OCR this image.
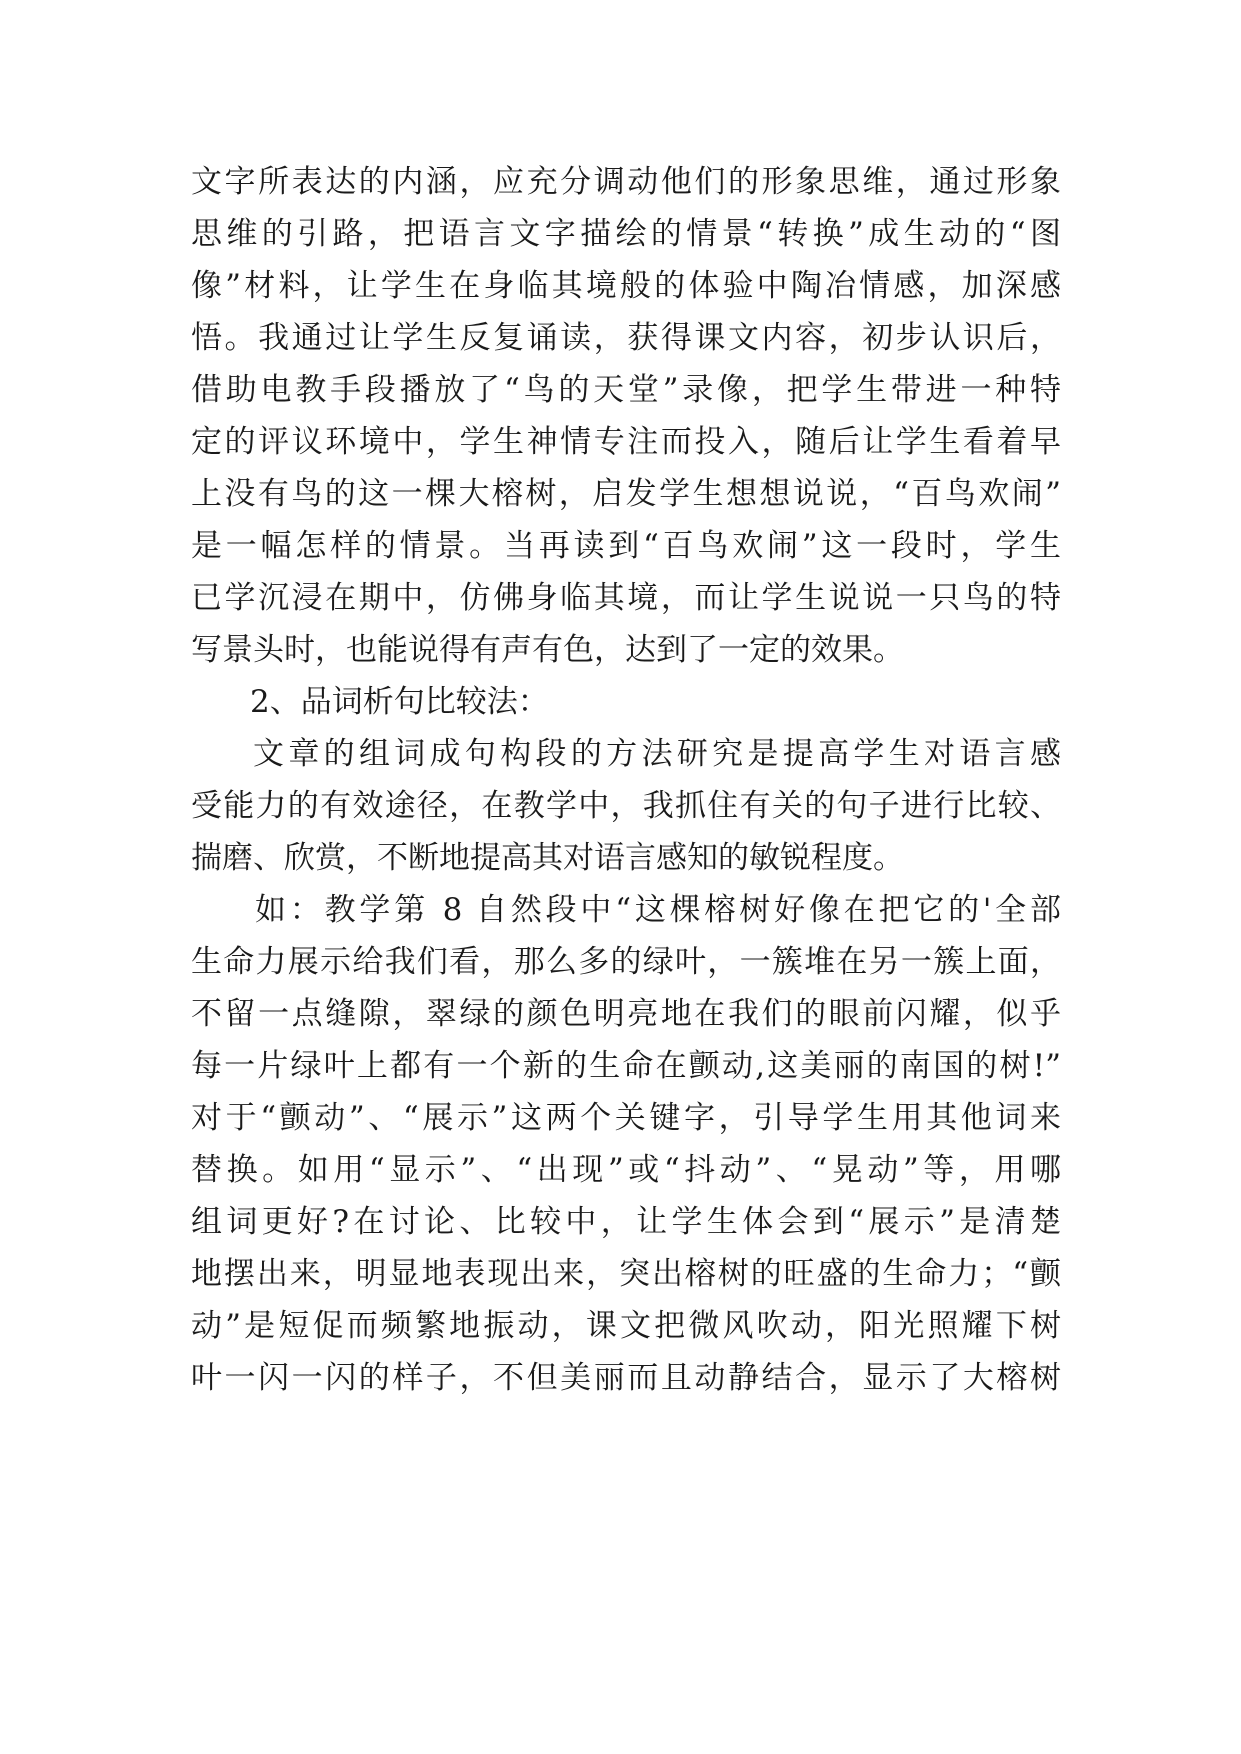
文字所表达的内涵，应充分调动他们的形象思维，通过形象
思维的引路，把语言文字描绘的情景“转换”成生动的“图
像”材料，让学生在身临其境般的体验中陶冶情感，加深感
悟。我通过让学生反复诵读，获得课文内容，初步认识后，
借助电教手段播放了“鸟的天堂”录像，把学生带进一种特
定的评议环境中，学生神情专注而投入，随后让学生看着早
上没有鸟的这一棵大榕树，启发学生想想说说，“百鸟欢闹”
是一幅怎样的情景。当再读到“百鸟欢闹”这一段时，学生
已学沉浸在期中，仿佛身临其境，而让学生说说一只鸟的特
写景头时，也能说得有声有色，达到了一定的效果。
2、品词析句比较法：
文章的组词成句构段的方法研究是提高学生对语言感
受能力的有效途径，在教学中，我抓住有关的句子进行比较、
揣磨、欣赏，不断地提高其对语言感知的敏锐程度。
如：教学第 8 自然段中“这棵榕树好像在把它的'全部
生命力展示给我们看，那么多的绿叶，一簇堆在另一簇上面，
不留一点缝隙，翠绿的颜色明亮地在我们的眼前闪耀，似乎
每一片绿叶上都有一个新的生命在颤动,这美丽的南国的树!”
对于“颤动”、“展示”这两个关键字，引导学生用其他词来
替换。如用“显示”、“出现”或“抖动”、“晃动”等，用哪
组词更好?在讨论、比较中，让学生体会到“展示”是清楚
地摆出来，明显地表现出来，突出榕树的旺盛的生命力；“颤
动”是短促而频繁地振动，课文把微风吹动，阳光照耀下树
叶一闪一闪的样子，不但美丽而且动静结合，显示了大榕树
